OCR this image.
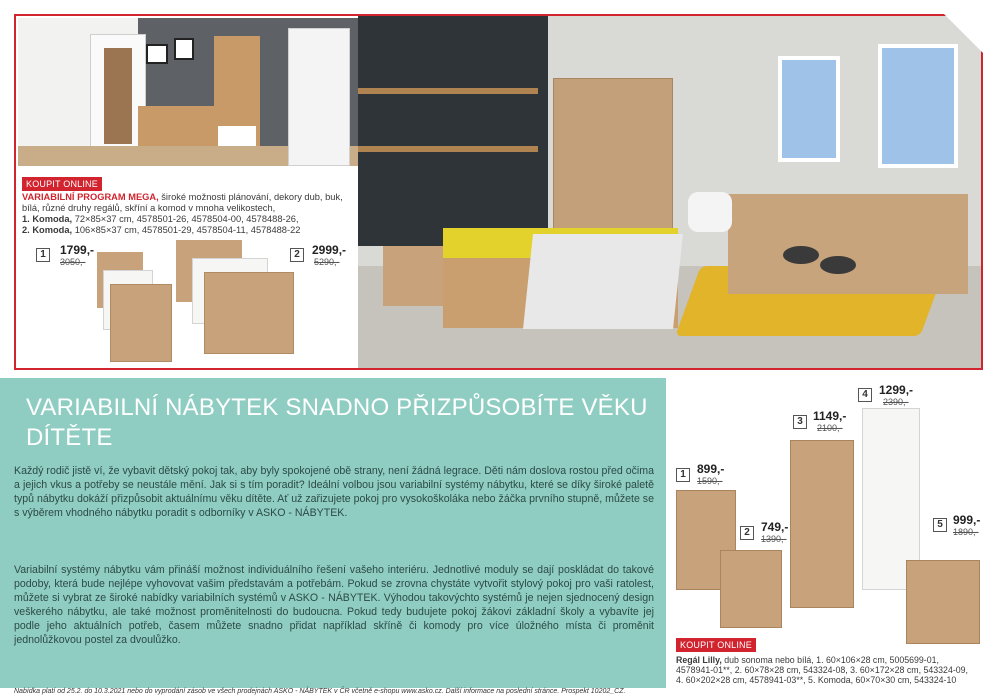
KOUPIT ONLINE
VARIABILNÍ PROGRAM MEGA, široké možnosti plánování, dekory dub, buk, bílá, různé druhy regálů, skříní a komod v mnoha velikostech,
1. Komoda, 72×85×37 cm, 4578501-26, 4578504-00, 4578488-26,
2. Komoda, 106×85×37 cm, 4578501-29, 4578504-11, 4578488-22
1	1799,-
3050,-
2	2999,-
5290,-
VARIABILNÍ NÁBYTEK SNADNO PŘIZPŮSOBÍTE VĚKU DÍTĚTE
Každý rodič jistě ví, že vybavit dětský pokoj tak, aby byly spokojené obě strany, není žádná legrace. Děti nám doslova rostou před očima a jejich vkus a potřeby se neustále mění. Jak si s tím poradit? Ideální volbou jsou variabilní systémy nábytku, které se díky široké paletě typů nábytku dokáží přizpůsobit aktuálnímu věku dítěte. Ať už zařizujete pokoj pro vysokoškoláka nebo žáčka prvního stupně, můžete se s výběrem vhodného nábytku poradit s odborníky v ASKO - NÁBYTEK.
Variabilní systémy nábytku vám přináší možnost individuálního řešení vašeho interiéru. Jednotlivé moduly se dají poskládat do takové podoby, která bude nejlépe vyhovovat vašim představám a potřebám. Pokud se zrovna chystáte vytvořit stylový pokoj pro vaši ratolest, můžete si vybrat ze široké nabídky variabilních systémů v ASKO - NÁBYTEK. Výhodou takovýchto systémů je nejen sjednocený design veškerého nábytku, ale také možnost proměnitelnosti do budoucna. Pokud tedy budujete pokoj žákovi základní školy a vybavíte jej podle jeho aktuálních potřeb, časem můžete snadno přidat například skříně či komody pro více úložného místa či proměnit jednolůžkovou postel za dvoulůžko.
1 899,-
1590,-
2 749,-
1390,-
3 1149,-
2100,-
4 1299,-
2390,-
5 999,-
1890,-
KOUPIT ONLINE
Regál Lilly, dub sonoma nebo bílá, 1. 60×106×28 cm, 5005699-01, 4578941-01**, 2. 60×78×28 cm, 543324-08, 3. 60×172×28 cm, 543324-09, 4. 60×202×28 cm, 4578941-03**, 5. Komoda, 60×70×30 cm, 543324-10
Nabídka platí od 25.2. do 10.3.2021 nebo do vyprodání zásob ve všech prodejnách ASKO - NÁBYTEK v ČR včetně e-shopu www.asko.cz. Další informace na poslední stránce. Prospekt 10202_CZ.
